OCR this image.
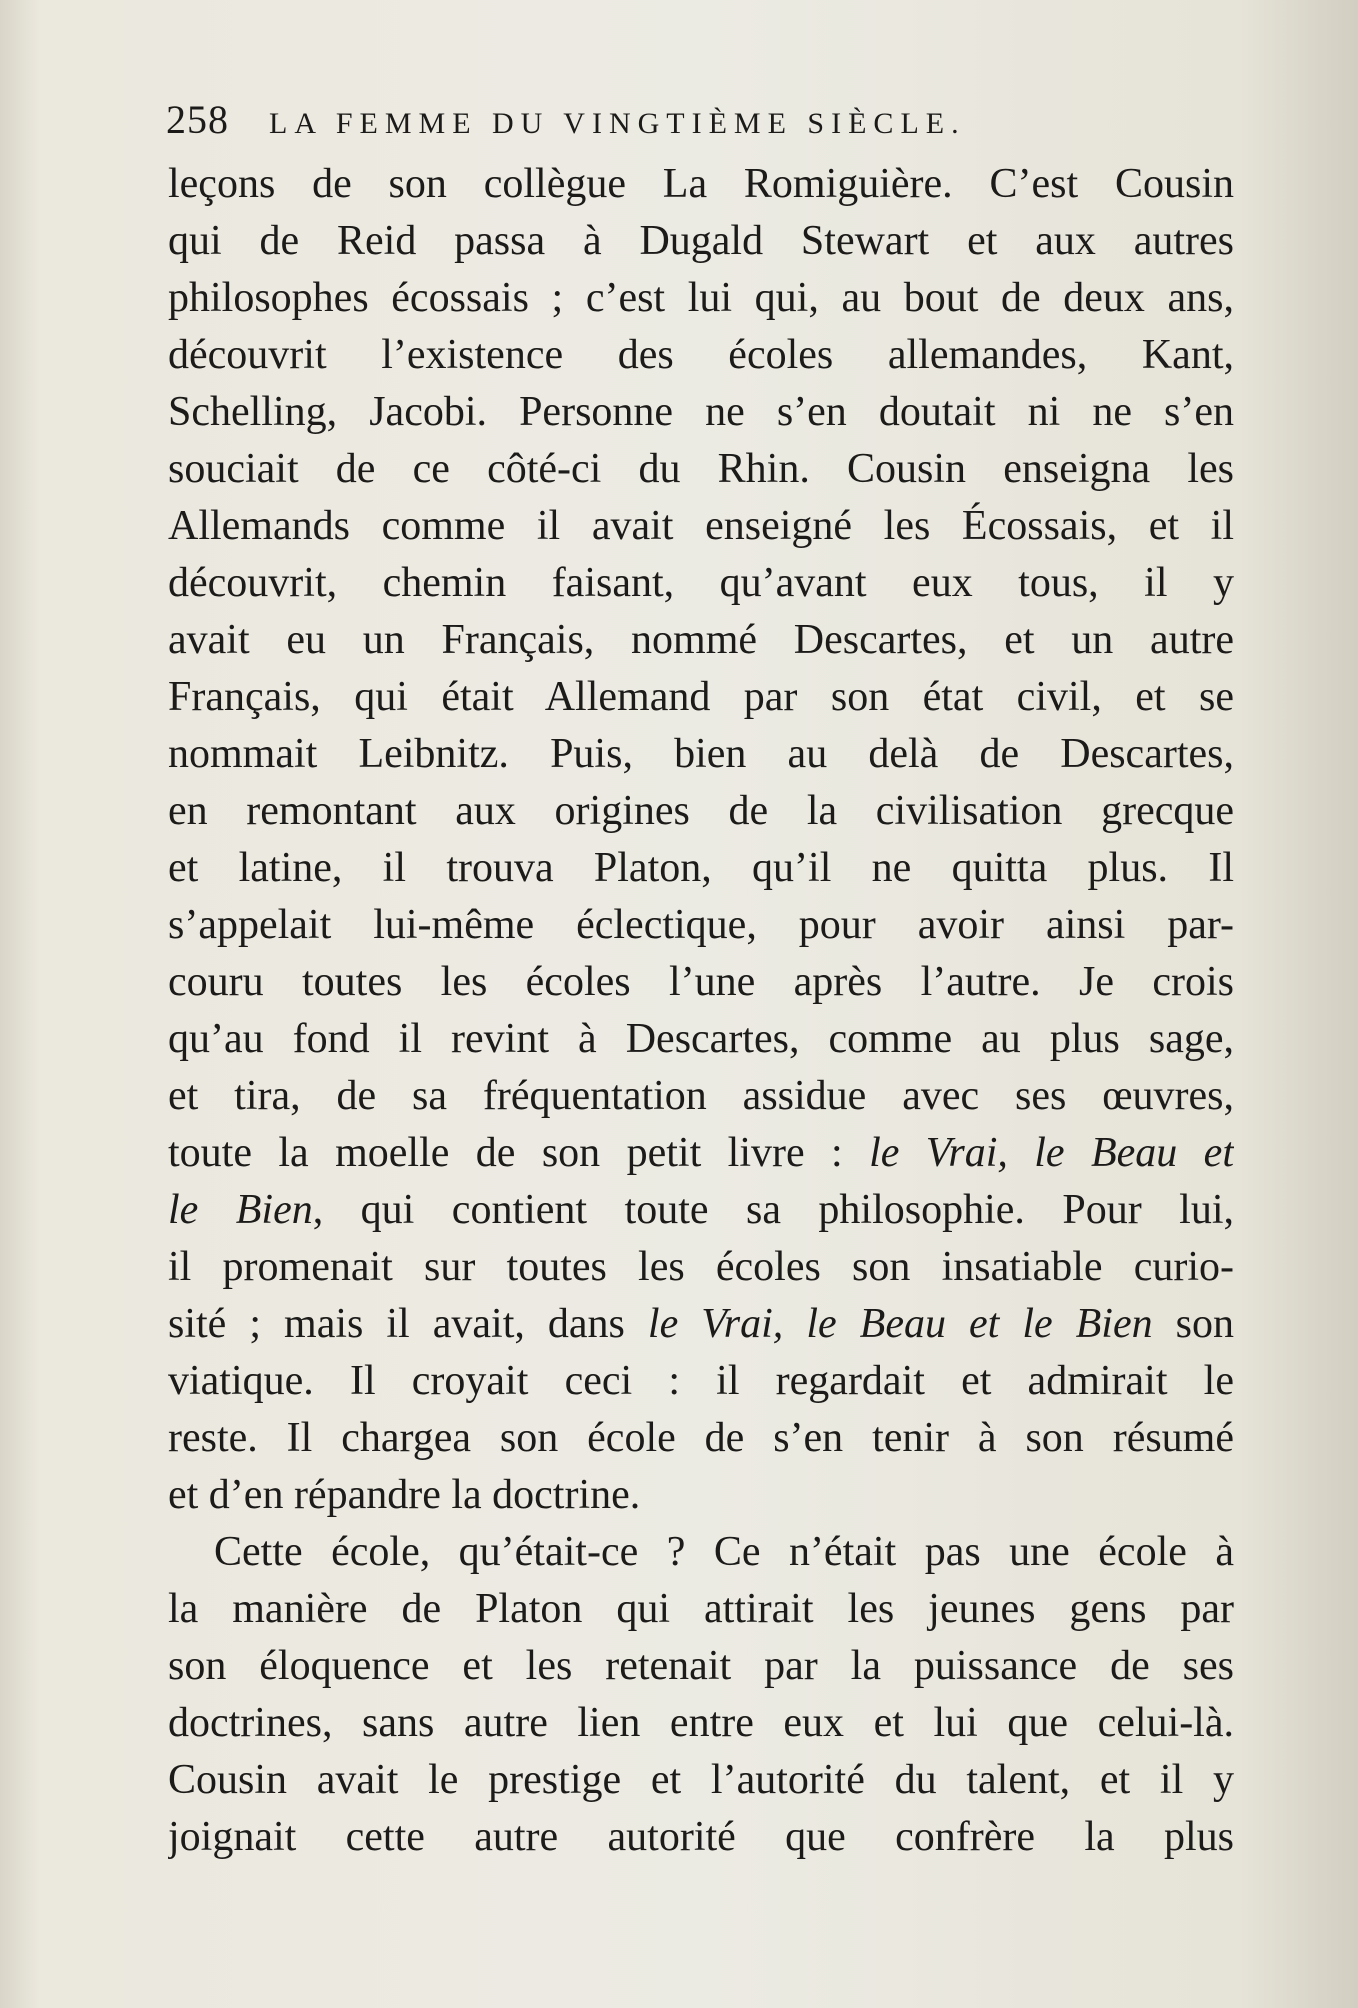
258 LA FEMME DU VINGTIÈME SIÈCLE.

leçons de son collègue La Romiguière. C’est Cousin
qui de Reid passa à Dugald Stewart et aux autres
philosophes écossais ; c’est lui qui, au bout de deux ans,
découvrit l’existence des écoles allemandes, Kant,
Schelling, Jacobi. Personne ne s’en doutait ni ne s’en
souciait de ce côté-ci du Rhin. Cousin enseigna les
Allemands comme il avait enseigné les Écossais, et il
découvrit, chemin faisant, qu’avant eux tous, il y
avait eu un Français, nommé Descartes, et un autre
Français, qui était Allemand par son état civil, et se
nommait Leibnitz. Puis, bien au delà de Descartes,
en remontant aux origines de la civilisation grecque
et latine, il trouva Platon, qu’il ne quitta plus. Il
s’appelait lui-même éclectique, pour avoir ainsi par-
couru toutes les écoles l’une après l’autre. Je crois
qu’au fond il revint à Descartes, comme au plus sage,
et tira, de sa fréquentation assidue avec ses œuvres,
toute la moelle de son petit livre : le Vrai, le Beau et
le Bien, qui contient toute sa philosophie. Pour lui,
il promenait sur toutes les écoles son insatiable curio-
sité ; mais il avait, dans le Vrai, le Beau et le Bien son
viatique. Il croyait ceci : il regardait et admirait le
reste. Il chargea son école de s’en tenir à son résumé
et d’en répandre la doctrine.

Cette école, qu’était-ce ? Ce n’était pas une école à
la manière de Platon qui attirait les jeunes gens par
son éloquence et les retenait par la puissance de ses
doctrines, sans autre lien entre eux et lui que celui-là.
Cousin avait le prestige et l’autorité du talent, et il y
joignait cette autre autorité que confrère la plus
